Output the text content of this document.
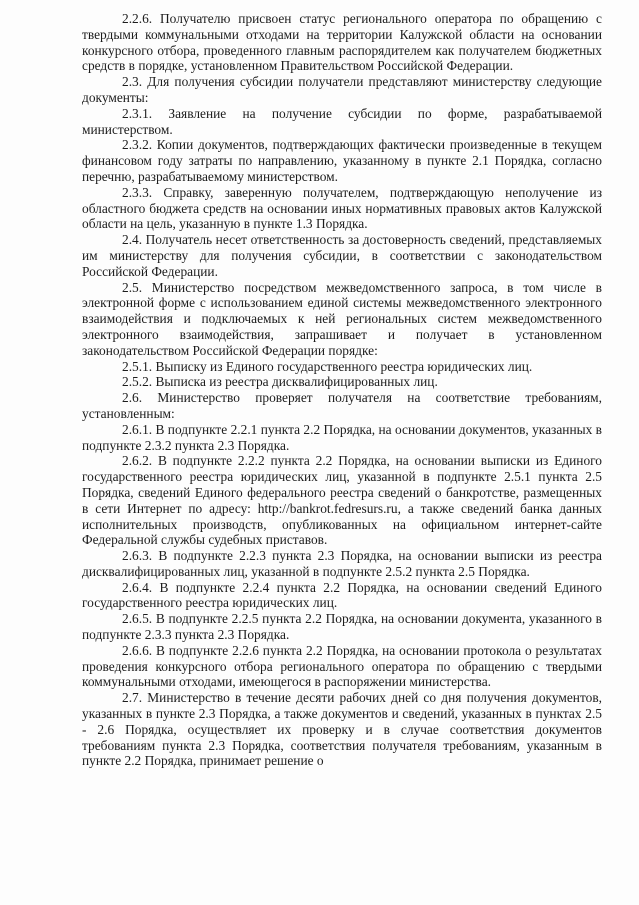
2.2.6. Получателю присвоен статус регионального оператора по обращению с твердыми коммунальными отходами на территории Калужской области на основании конкурсного отбора, проведенного главным распорядителем как получателем бюджетных средств в порядке, установленном Правительством Российской Федерации.

2.3. Для получения субсидии получатели представляют министерству следующие документы:

2.3.1. Заявление на получение субсидии по форме, разрабатываемой министерством.

2.3.2. Копии документов, подтверждающих фактически произведенные в текущем финансовом году затраты по направлению, указанному в пункте 2.1 Порядка, согласно перечню, разрабатываемому министерством.

2.3.3. Справку, заверенную получателем, подтверждающую неполучение из областного бюджета средств на основании иных нормативных правовых актов Калужской области на цель, указанную в пункте 1.3 Порядка.

2.4. Получатель несет ответственность за достоверность сведений, представляемых им министерству для получения субсидии, в соответствии с законодательством Российской Федерации.

2.5. Министерство посредством межведомственного запроса, в том числе в электронной форме с использованием единой системы межведомственного электронного взаимодействия и подключаемых к ней региональных систем межведомственного электронного взаимодействия, запрашивает и получает в установленном законодательством Российской Федерации порядке:

2.5.1. Выписку из Единого государственного реестра юридических лиц.

2.5.2. Выписка из реестра дисквалифицированных лиц.

2.6. Министерство проверяет получателя на соответствие требованиям, установленным:

2.6.1. В подпункте 2.2.1 пункта 2.2 Порядка, на основании документов, указанных в подпункте 2.3.2 пункта 2.3 Порядка.

2.6.2. В подпункте 2.2.2 пункта 2.2 Порядка, на основании выписки из Единого государственного реестра юридических лиц, указанной в подпункте 2.5.1 пункта 2.5 Порядка, сведений Единого федерального реестра сведений о банкротстве, размещенных в сети Интернет по адресу: http://bankrot.fedresurs.ru, а также сведений банка данных исполнительных производств, опубликованных на официальном интернет-сайте Федеральной службы судебных приставов.

2.6.3. В подпункте 2.2.3 пункта 2.3 Порядка, на основании выписки из реестра дисквалифицированных лиц, указанной в подпункте 2.5.2 пункта 2.5 Порядка.

2.6.4. В подпункте 2.2.4 пункта 2.2 Порядка, на основании сведений Единого государственного реестра юридических лиц.

2.6.5. В подпункте 2.2.5 пункта 2.2 Порядка, на основании документа, указанного в подпункте 2.3.3 пункта 2.3 Порядка.

2.6.6. В подпункте 2.2.6 пункта 2.2 Порядка, на основании протокола о результатах проведения конкурсного отбора регионального оператора по обращению с твердыми коммунальными отходами, имеющегося в распоряжении министерства.

2.7. Министерство в течение десяти рабочих дней со дня получения документов, указанных в пункте 2.3 Порядка, а также документов и сведений, указанных в пунктах 2.5 - 2.6 Порядка, осуществляет их проверку и в случае соответствия документов требованиям пункта 2.3 Порядка, соответствия получателя требованиям, указанным в пункте 2.2 Порядка, принимает решение о
